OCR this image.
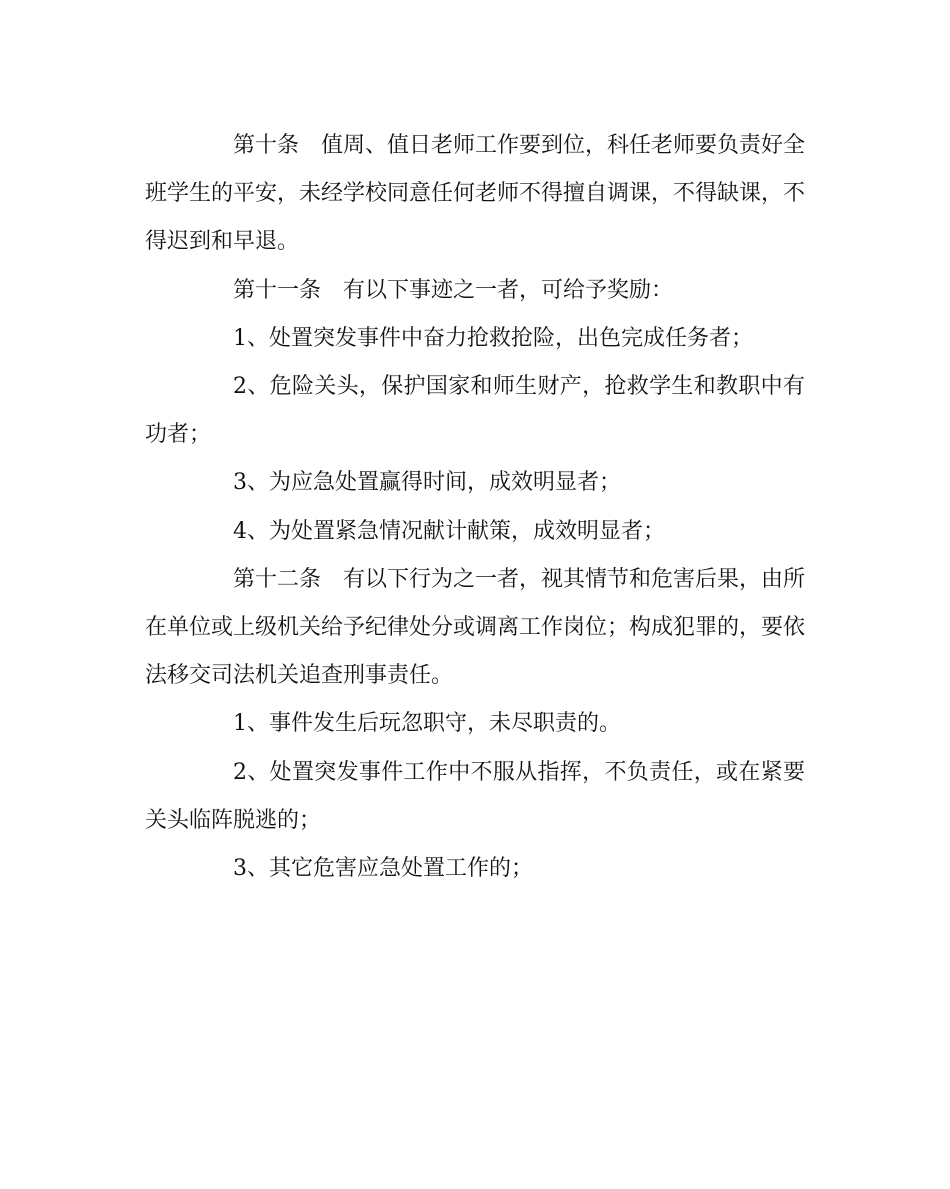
第十条　值周、值日老师工作要到位，科任老师要负责好全班学生的平安，未经学校同意任何老师不得擅自调课，不得缺课，不得迟到和早退。

第十一条　有以下事迹之一者，可给予奖励：

1、处置突发事件中奋力抢救抢险，出色完成任务者；

2、危险关头，保护国家和师生财产，抢救学生和教职中有功者；

3、为应急处置赢得时间，成效明显者；

4、为处置紧急情况献计献策，成效明显者；

第十二条　有以下行为之一者，视其情节和危害后果，由所在单位或上级机关给予纪律处分或调离工作岗位；构成犯罪的，要依法移交司法机关追查刑事责任。

1、事件发生后玩忽职守，未尽职责的。

2、处置突发事件工作中不服从指挥，不负责任，或在紧要关头临阵脱逃的；

3、其它危害应急处置工作的；
